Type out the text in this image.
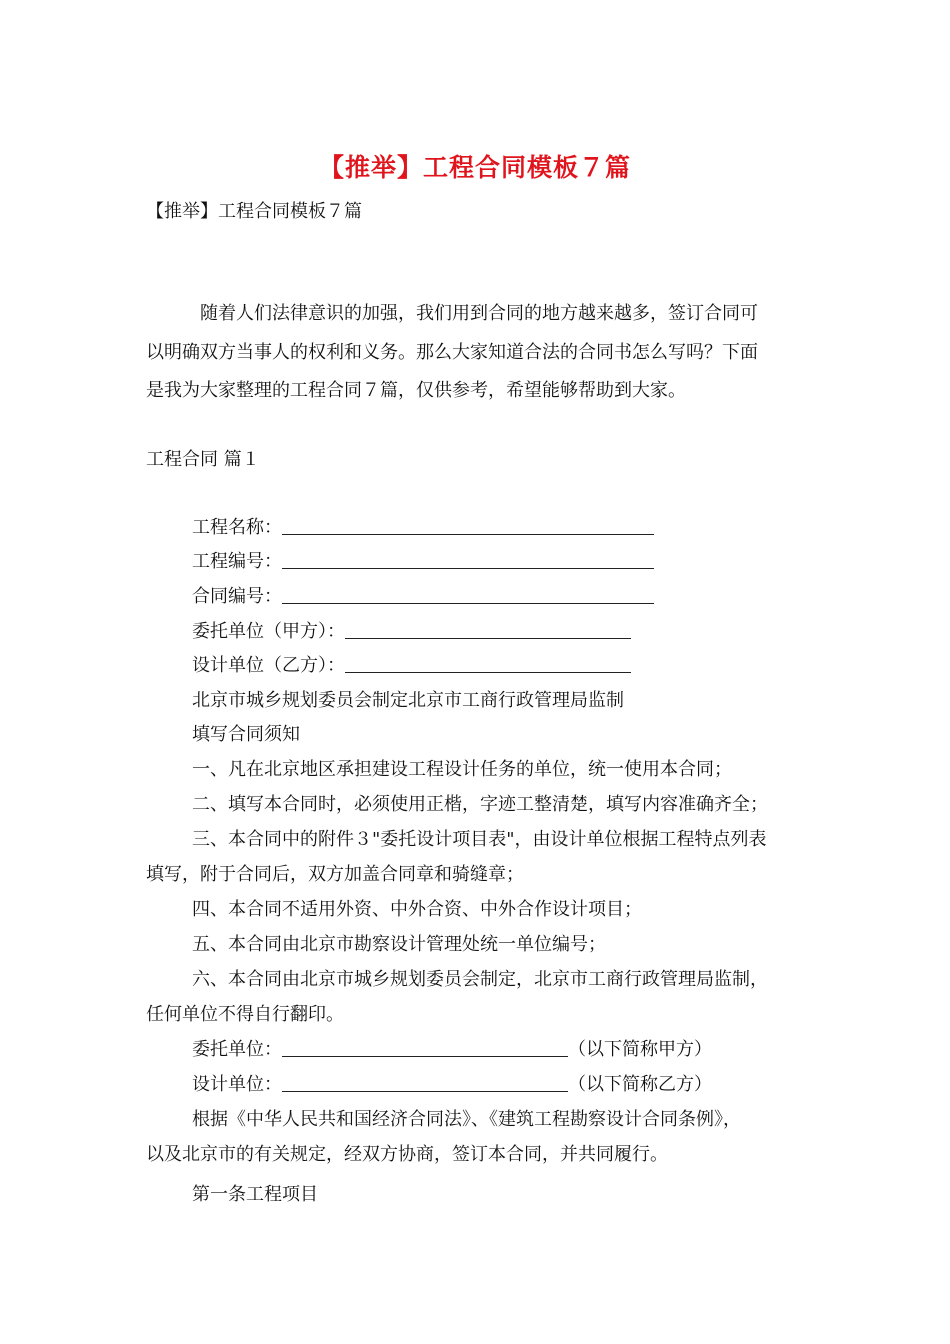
【推举】工程合同模板７篇
【推举】工程合同模板７篇
随着人们法律意识的加强，我们用到合同的地方越来越多，签订合同可
以明确双方当事人的权利和义务。那么大家知道合法的合同书怎么写吗？下面
是我为大家整理的工程合同７篇，仅供参考，希望能够帮助到大家。
工程合同 篇１
工程名称：
工程编号：
合同编号：
委托单位（甲方）：
设计单位（乙方）：
北京市城乡规划委员会制定北京市工商行政管理局监制
填写合同须知
一、凡在北京地区承担建设工程设计任务的单位，统一使用本合同；
二、填写本合同时，必须使用正楷，字迹工整清楚，填写内容准确齐全；
三、本合同中的附件３"委托设计项目表"，由设计单位根据工程特点列表
填写，附于合同后，双方加盖合同章和骑缝章；
四、本合同不适用外资、中外合资、中外合作设计项目；
五、本合同由北京市勘察设计管理处统一单位编号；
六、本合同由北京市城乡规划委员会制定，北京市工商行政管理局监制，
任何单位不得自行翻印。
委托单位：	（以下简称甲方）
设计单位：	（以下简称乙方）
根据《中华人民共和国经济合同法》、《建筑工程勘察设计合同条例》，
以及北京市的有关规定，经双方协商，签订本合同，并共同履行。
第一条工程项目
